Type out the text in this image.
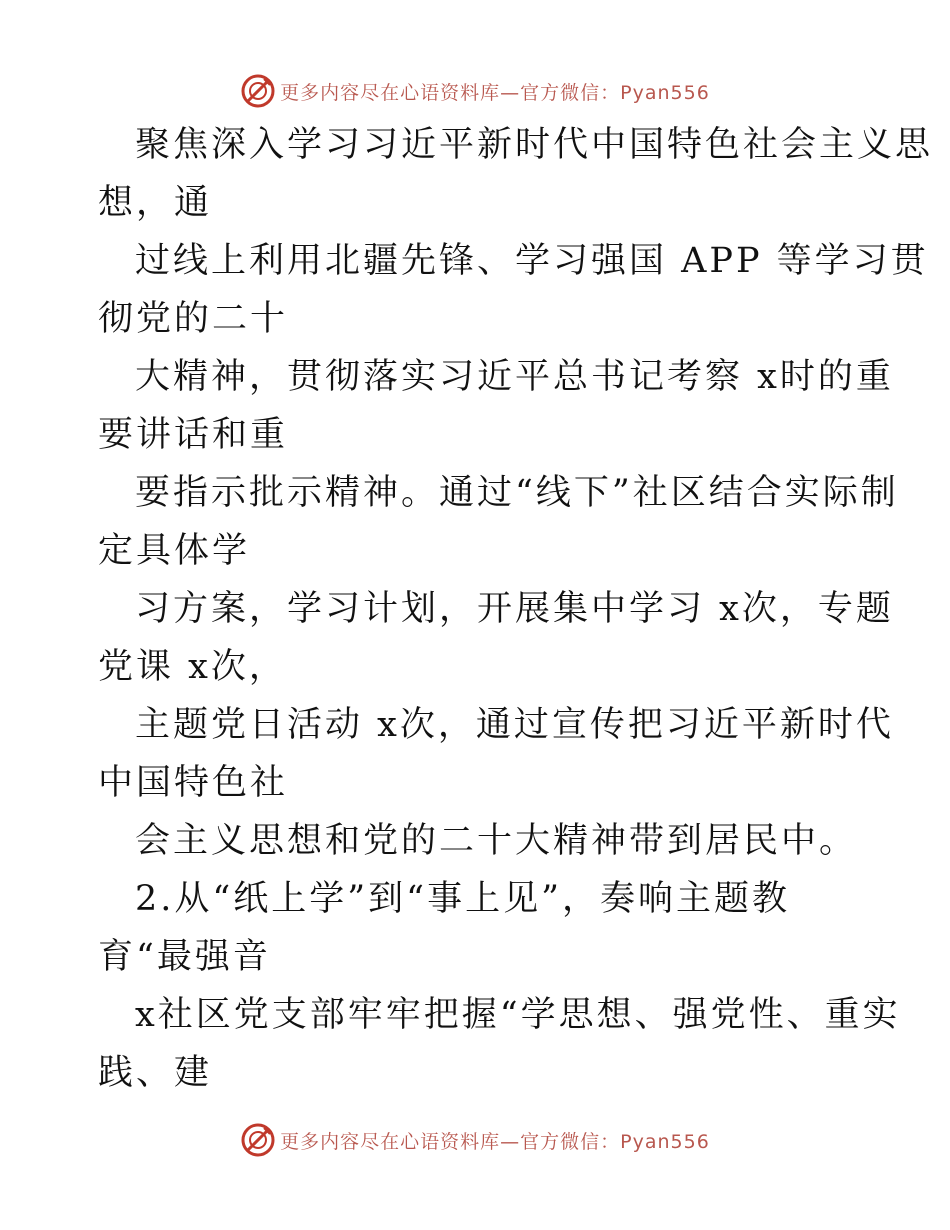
更多内容尽在心语资料库—官方微信：Pyan556

聚焦深入学习习近平新时代中国特色社会主义思

想，通

过线上利用北疆先锋、学习强国 APP 等学习贯

彻党的二十

大精神，贯彻落实习近平总书记考察 x时的重

要讲话和重

要指示批示精神。通过“线下”社区结合实际制

定具体学

习方案，学习计划，开展集中学习 x次，专题

党课 x次，

主题党日活动 x次，通过宣传把习近平新时代

中国特色社

会主义思想和党的二十大精神带到居民中。

2.从“纸上学”到“事上见”，奏响主题教

育“最强音

x社区党支部牢牢把握“学思想、强党性、重实

践、建

更多内容尽在心语资料库—官方微信：Pyan556
